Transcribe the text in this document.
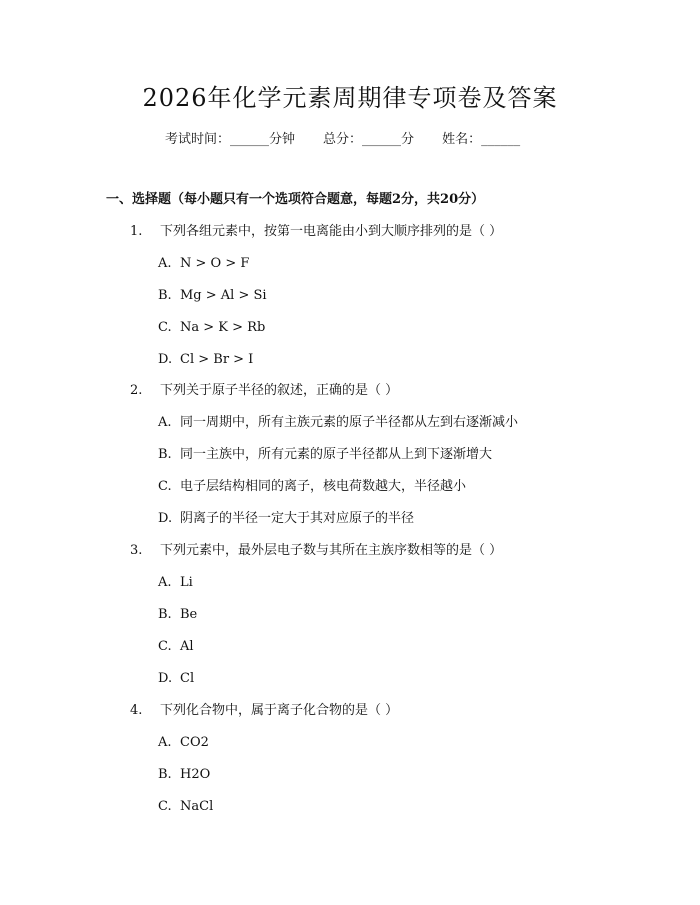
2026年化学元素周期律专项卷及答案
考试时间：______分钟 总分：______分 姓名：______
一、选择题（每小题只有一个选项符合题意，每题2分，共20分）
1. 下列各组元素中，按第一电离能由小到大顺序排列的是（ ）
A. N > O > F
B. Mg > Al > Si
C. Na > K > Rb
D. Cl > Br > I
2. 下列关于原子半径的叙述，正确的是（ ）
A. 同一周期中，所有主族元素的原子半径都从左到右逐渐减小
B. 同一主族中，所有元素的原子半径都从上到下逐渐增大
C. 电子层结构相同的离子，核电荷数越大，半径越小
D. 阴离子的半径一定大于其对应原子的半径
3. 下列元素中，最外层电子数与其所在主族序数相等的是（ ）
A. Li
B. Be
C. Al
D. Cl
4. 下列化合物中，属于离子化合物的是（ ）
A. CO2
B. H2O
C. NaCl
